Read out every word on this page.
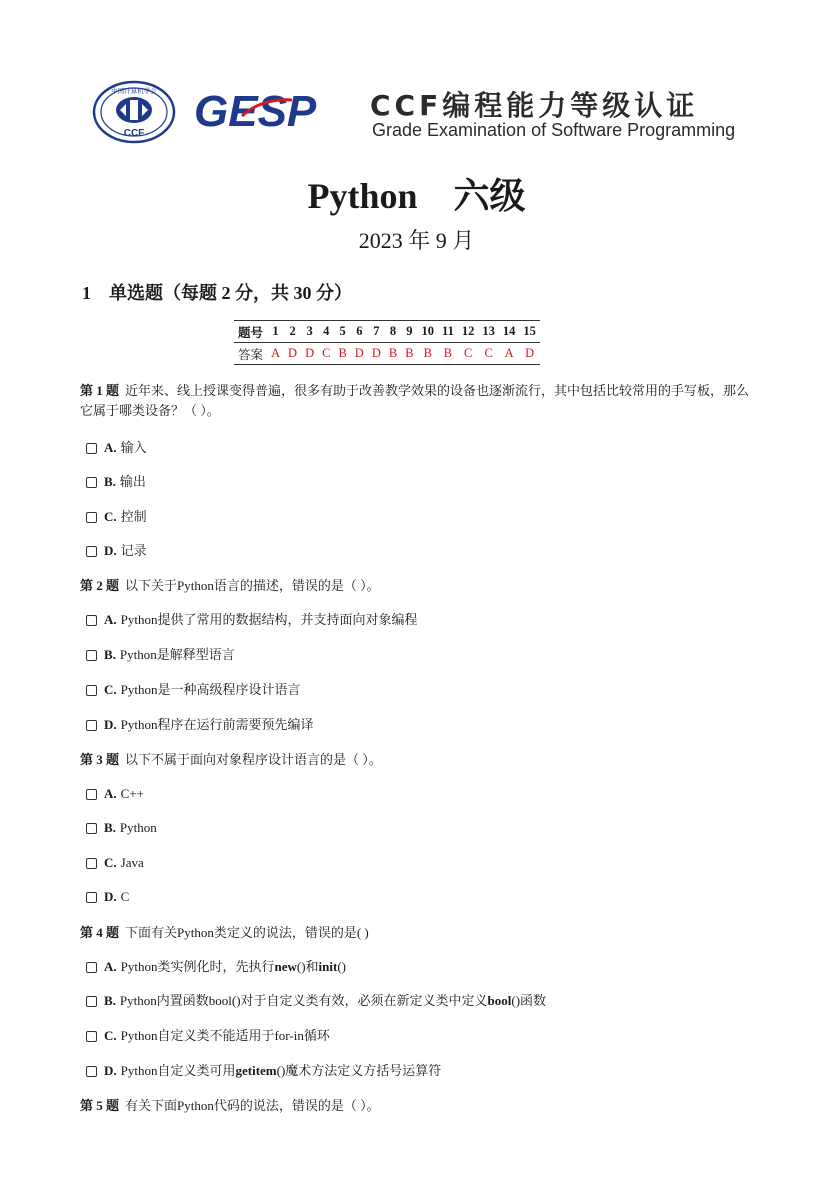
CCF
中国计算机学会 GESP CCF编程能力等级认证
Grade Examination of Software Programming
Python    六级
2023 年 9 月
1    单选题（每题 2 分，共 30 分）
题号	1	2	3	4	5	6	7	8	9	10	11	12	13	14	15
答案	A	D	D	C	B	D	D	B	B	B	B	C	C	A	D
第 1 题 近年来、线上授课变得普遍，很多有助于改善教学效果的设备也逐渐流行，其中包括比较常用的手写板，那么它属于哪类设备？（ ）。
A. 输入
B. 输出
C. 控制
D. 记录
第 2 题 以下关于Python语言的描述，错误的是（ ）。
A. Python提供了常用的数据结构，并支持面向对象编程
B. Python是解释型语言
C. Python是一种高级程序设计语言
D. Python程序在运行前需要预先编译
第 3 题 以下不属于面向对象程序设计语言的是（ ）。
A. C++
B. Python
C. Java
D. C
第 4 题 下面有关Python类定义的说法，错误的是( )
A. Python类实例化时，先执行 new ()和 init ()
B. Python内置函数bool()对于自定义类有效，必须在新定义类中定义 bool ()函数
C. Python自定义类不能适用于for-in循环
D. Python自定义类可用 getitem ()魔术方法定义方括号运算符
第 5 题 有关下面Python代码的说法，错误的是（ ）。
